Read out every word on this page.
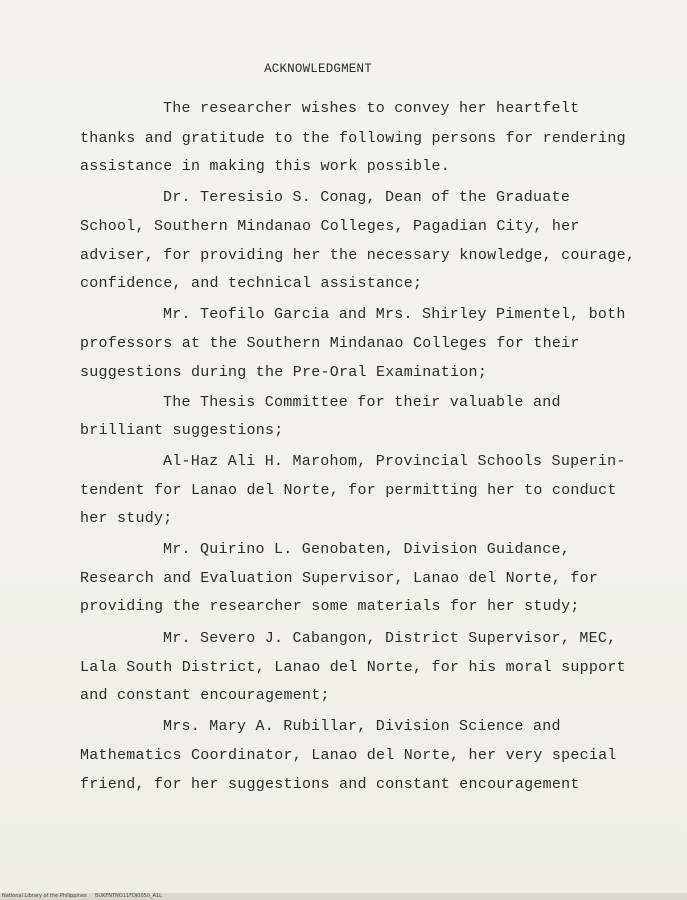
ACKNOWLEDGMENT
The researcher wishes to convey her heartfelt
thanks and gratitude to the following persons for rendering
assistance in making this work possible.
Dr. Teresisio S. Conag, Dean of the Graduate
School, Southern Mindanao Colleges, Pagadian City, her
adviser, for providing her the necessary knowledge, courage,
confidence, and technical assistance;
Mr. Teofilo Garcia and Mrs. Shirley Pimentel, both
professors at the Southern Mindanao Colleges for their
suggestions during the Pre-Oral Examination;
The Thesis Committee for their valuable and
brilliant suggestions;
Al-Haz Ali H. Marohom, Provincial Schools Superin-
tendent for Lanao del Norte, for permitting her to conduct
her study;
Mr. Quirino L. Genobaten, Division Guidance,
Research and Evaluation Supervisor, Lanao del Norte, for
providing the researcher some materials for her study;
Mr. Severo J. Cabangon, District Supervisor, MEC,
Lala South District, Lanao del Norte, for his moral support
and constant encouragement;
Mrs. Mary A. Rubillar, Division Science and
Mathematics Coordinator, Lanao del Norte, her very special
friend, for her suggestions and constant encouragement
National Library of the Philippines BUKFNTNO11FDJ0050_A1L
